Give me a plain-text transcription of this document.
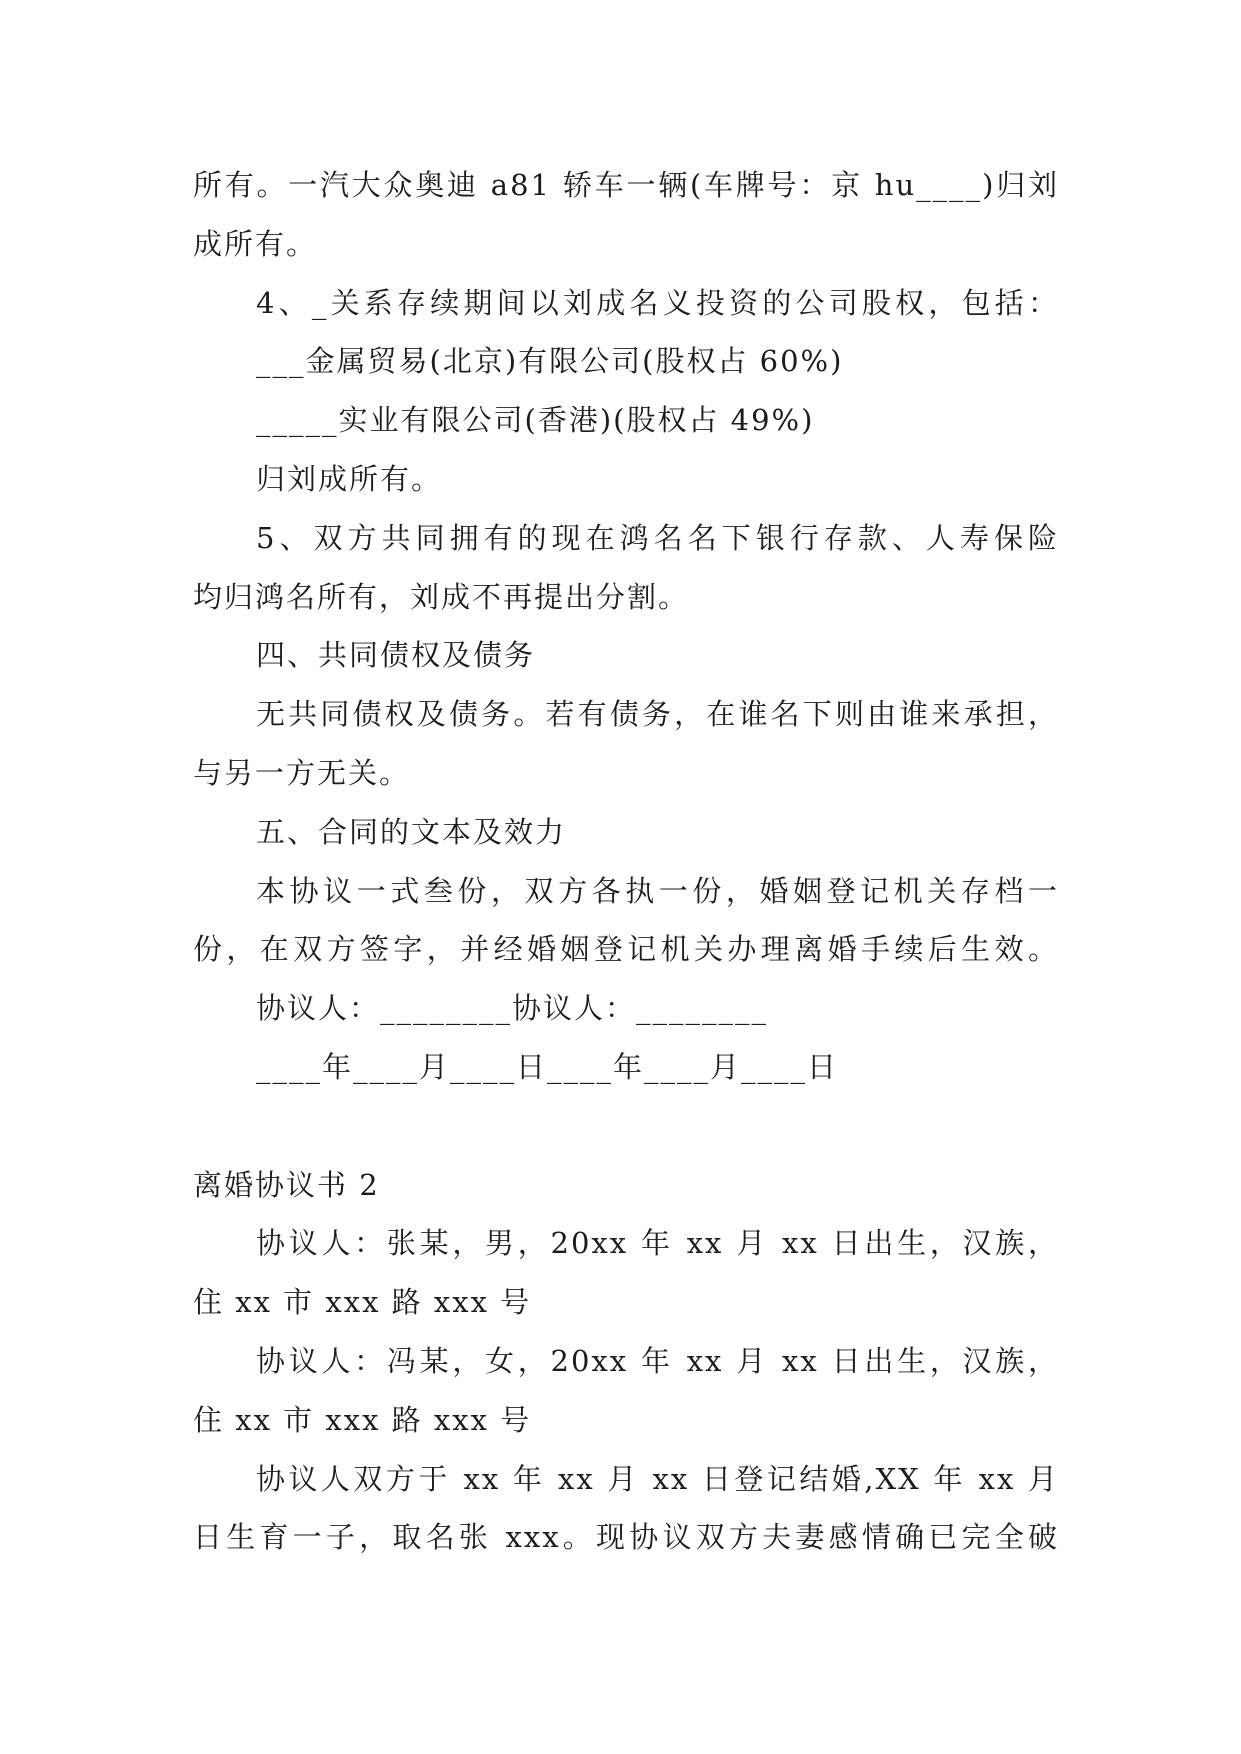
所有。一汽大众奥迪 a81 轿车一辆(车牌号：京 hu____)归刘
成所有。
4、_关系存续期间以刘成名义投资的公司股权，包括：
___金属贸易(北京)有限公司(股权占 60%)
_____实业有限公司(香港)(股权占 49%)
归刘成所有。
5、双方共同拥有的现在鸿名名下银行存款、人寿保险
均归鸿名所有，刘成不再提出分割。
四、共同债权及债务
无共同债权及债务。若有债务，在谁名下则由谁来承担，
与另一方无关。
五、合同的文本及效力
本协议一式叁份，双方各执一份，婚姻登记机关存档一
份，在双方签字，并经婚姻登记机关办理离婚手续后生效。
协议人：________协议人：________
____年____月____日____年____月____日
离婚协议书 2
协议人：张某，男，20xx 年 xx 月 xx 日出生，汉族，
住 xx 市 xxx 路 xxx 号
协议人：冯某，女，20xx 年 xx 月 xx 日出生，汉族，
住 xx 市 xxx 路 xxx 号
协议人双方于 xx 年 xx 月 xx 日登记结婚,XX 年 xx 月
日生育一子，取名张 xxx。现协议双方夫妻感情确已完全破
